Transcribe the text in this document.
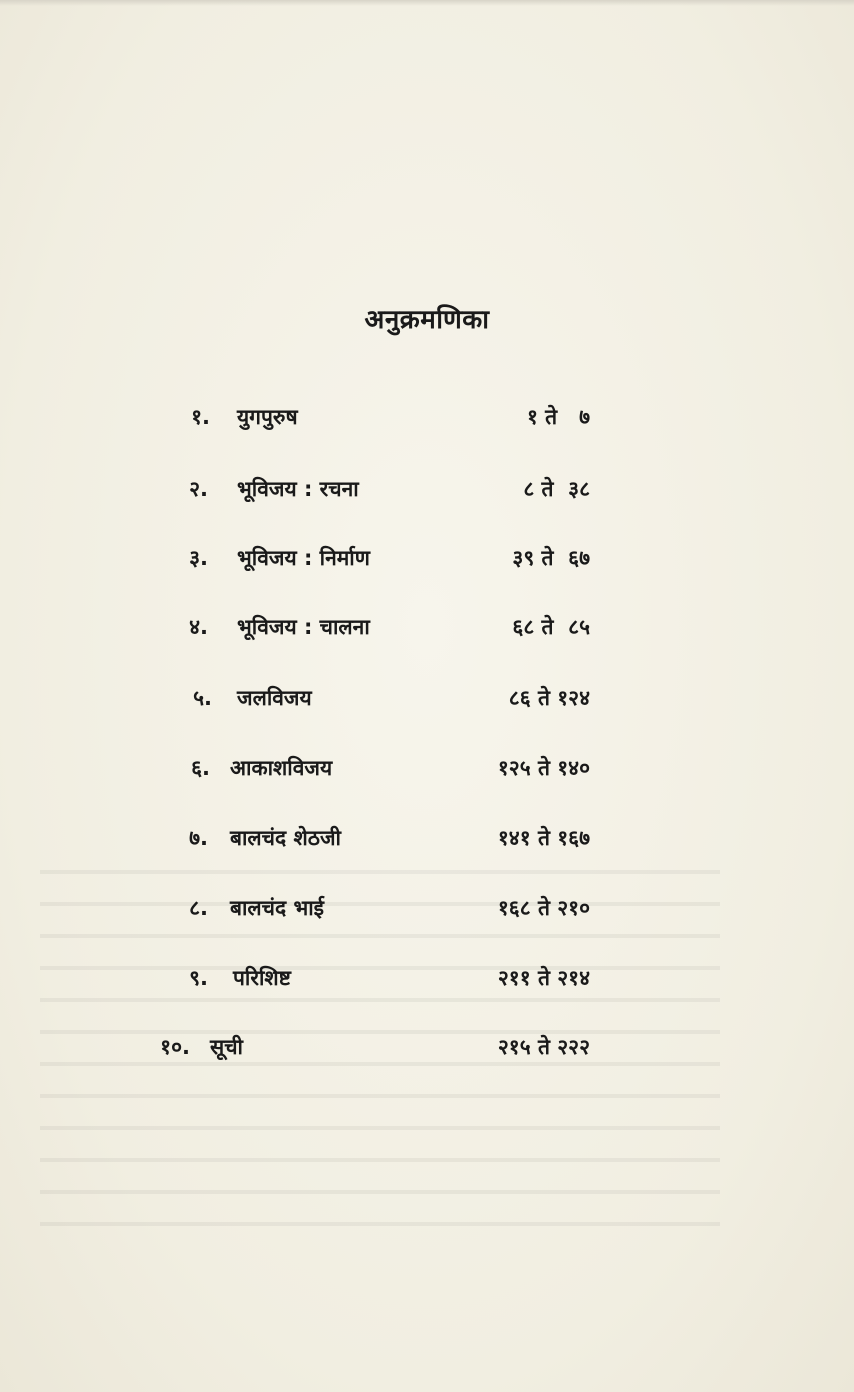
अनुक्रमणिका
१. युगपुरुष	१ ते   ७
२. भूविजय : रचना	८ ते  ३८
३. भूविजय : निर्माण	३९ ते  ६७
४. भूविजय : चालना	६८ ते  ८५
५. जलविजय	८६ ते १२४
६. आकाशविजय	१२५ ते १४०
७. बालचंद शेठजी	१४१ ते १६७
८. बालचंद भाई	१६८ ते २१०
९. परिशिष्ट	२११ ते २१४
१०. सूची	२१५ ते २२२
